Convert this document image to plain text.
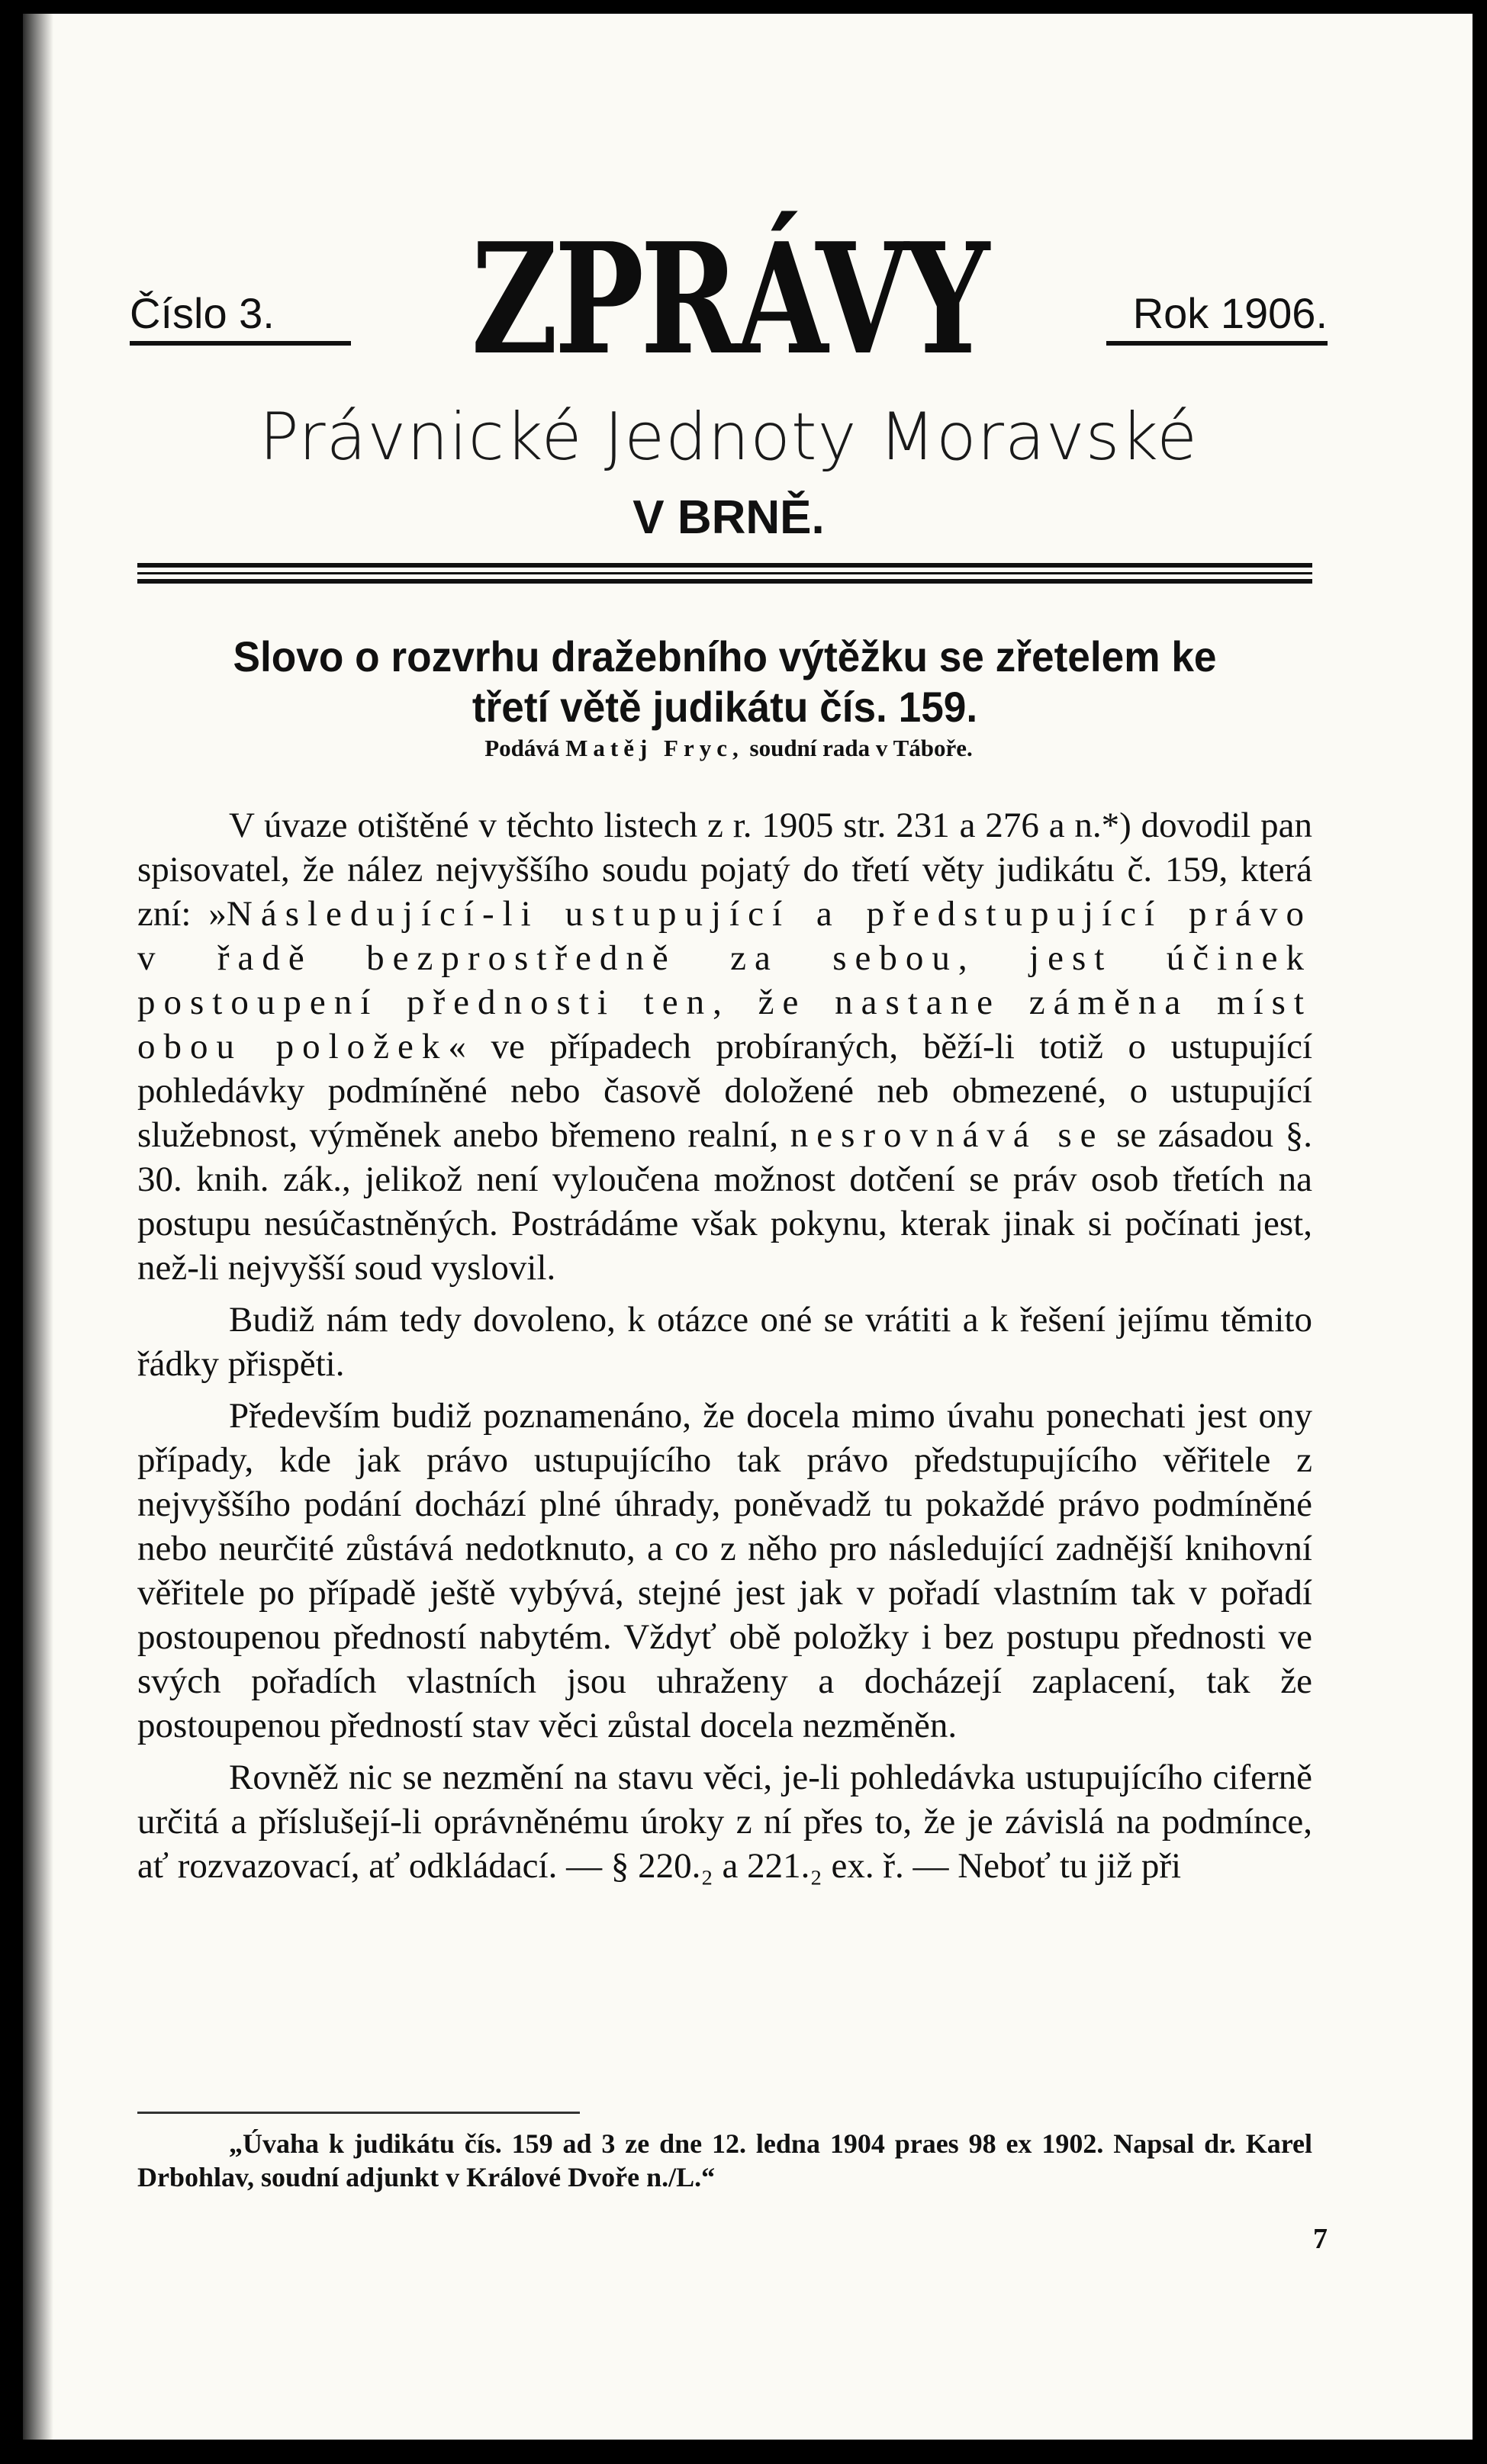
Číslo 3.	ZPRÁVY	Rok 1906.
Právnické Jednoty Moravské
V BRNĚ.
Slovo o rozvrhu dražebního výtěžku se zřetelem ke
třetí větě judikátu čís. 159.
Podává Matěj Fryc, soudní rada v Táboře.

V úvaze otištěné v těchto listech z r. 1905 str. 231 a 276 a n.*) dovodil pan spisovatel, že nález nejvyššího soudu pojatý do třetí věty judikátu č. 159, která zní: »Následující-li ustupující a předstupující právo v řadě bezprostředně za sebou, jest účinek postoupení přednosti ten, že nastane záměna míst obou položek« ve případech probíraných, běží-li totiž o ustupující pohledávky podmíněné nebo časově doložené neb obmezené, o ustupující služebnost, výměnek anebo břemeno realní, nesrovnává se se zásadou §. 30. knih. zák., jelikož není vyloučena možnost dotčení se práv osob třetích na postupu nesúčastněných. Postrádáme však pokynu, kterak jinak si počínati jest, než-li nejvyšší soud vyslovil.

Budiž nám tedy dovoleno, k otázce oné se vrátiti a k řešení jejímu těmito řádky přispěti.

Především budiž poznamenáno, že docela mimo úvahu ponechati jest ony případy, kde jak právo ustupujícího tak právo předstupujícího věřitele z nejvyššího podání dochází plné úhrady, poněvadž tu pokaždé právo podmíněné nebo neurčité zůstává nedotknuto, a co z něho pro následující zadnější knihovní věřitele po případě ještě vybývá, stejné jest jak v pořadí vlastním tak v pořadí postoupenou předností nabytém. Vždyť obě položky i bez postupu přednosti ve svých pořadích vlastních jsou uhraženy a docházejí zaplacení, tak že postoupenou předností stav věci zůstal docela nezměněn.

Rovněž nic se nezmění na stavu věci, je-li pohledávka ustupujícího ciferně určitá a příslušejí-li oprávněnému úroky z ní přes to, že je závislá na podmínce, ať rozvazovací, ať odkládací. — § 220.₂ a 221.₂ ex. ř. — Neboť tu již při

„Úvaha k judikátu čís. 159 ad 3 ze dne 12. ledna 1904 praes 98 ex 1902. Napsal dr. Karel Drbohlav, soudní adjunkt v Králové Dvoře n./L.“

7
